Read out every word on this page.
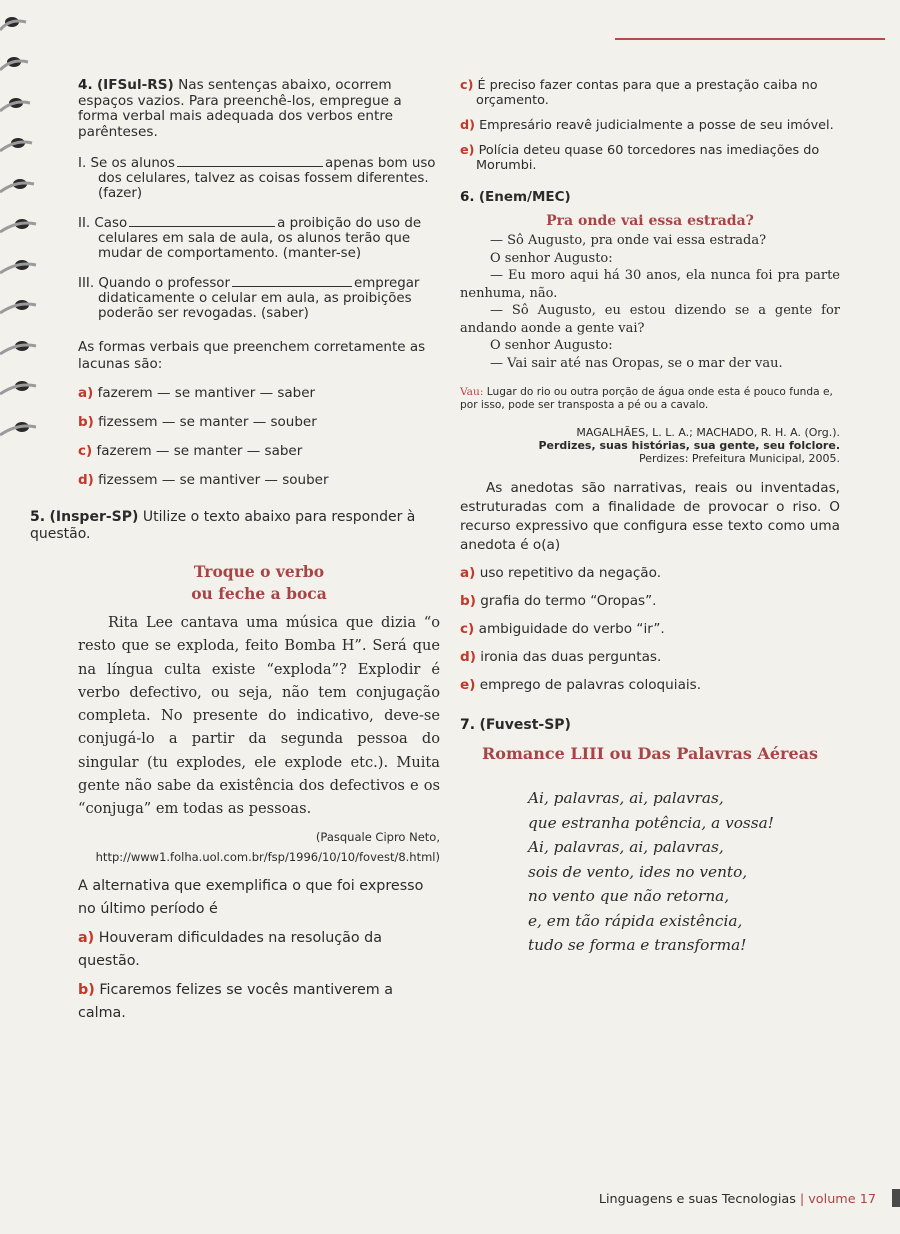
4. (IFSul-RS) Nas sentenças abaixo, ocorrem espaços vazios. Para preenchê-los, empregue a forma verbal mais adequada dos verbos entre parênteses.
I. Se os alunos	apenas bom uso dos celulares, talvez as coisas fossem diferentes. (fazer)
II. Caso	a proibição do uso de celulares em sala de aula, os alunos terão que mudar de comportamento. (manter-se)
III. Quando o professor	empregar didaticamente o celular em aula, as proibições poderão ser revogadas. (saber)
As formas verbais que preenchem corretamente as lacunas são:
a) fazerem — se mantiver — saber
b) fizessem — se manter — souber
c) fazerem — se manter — saber
d) fizessem — se mantiver — souber
5. (Insper-SP) Utilize o texto abaixo para responder à questão.
Troque o verbo
ou feche a boca
Rita Lee cantava uma música que dizia “o resto que se exploda, feito Bomba H”. Será que na língua culta existe “exploda”? Explodir é verbo defectivo, ou seja, não tem conjugação completa. No presente do indicativo, deve-se conjugá-lo a partir da segunda pessoa do singular (tu explodes, ele explode etc.). Muita gente não sabe da existência dos defectivos e os “conjuga” em todas as pessoas.
(Pasquale Cipro Neto, http://www1.folha.uol.com.br/fsp/1996/10/10/fovest/8.html)
A alternativa que exemplifica o que foi expresso no último período é
a) Houveram dificuldades na resolução da questão.
b) Ficaremos felizes se vocês mantiverem a calma.
c) É preciso fazer contas para que a prestação caiba no orçamento.
d) Empresário reavê judicialmente a posse de seu imóvel.
e) Polícia deteu quase 60 torcedores nas imediações do Morumbi.
6. (Enem/MEC)
Pra onde vai essa estrada?

— Sô Augusto, pra onde vai essa estrada?

O senhor Augusto:

— Eu moro aqui há 30 anos, ela nunca foi pra parte nenhuma, não.

— Sô Augusto, eu estou dizendo se a gente for andando aonde a gente vai?

O senhor Augusto:

— Vai sair até nas Oropas, se o mar der vau.

Vau: Lugar do rio ou outra porção de água onde esta é pouco funda e, por isso, pode ser transposta a pé ou a cavalo.
MAGALHÃES, L. L. A.; MACHADO, R. H. A. (Org.).
Perdizes, suas histórias, sua gente, seu folclore.
Perdizes: Prefeitura Municipal, 2005.
As anedotas são narrativas, reais ou inventadas, estruturadas com a finalidade de provocar o riso. O recurso expressivo que configura esse texto como uma anedota é o(a)
a) uso repetitivo da negação.
b) grafia do termo “Oropas”.
c) ambiguidade do verbo “ir”.
d) ironia das duas perguntas.
e) emprego de palavras coloquiais.
7. (Fuvest-SP)
Romance LIII ou Das Palavras Aéreas
Ai, palavras, ai, palavras,
que estranha potência, a vossa!
Ai, palavras, ai, palavras,
sois de vento, ides no vento,
no vento que não retorna,
e, em tão rápida existência,
tudo se forma e transforma!
Linguagens e suas Tecnologias | volume 17
